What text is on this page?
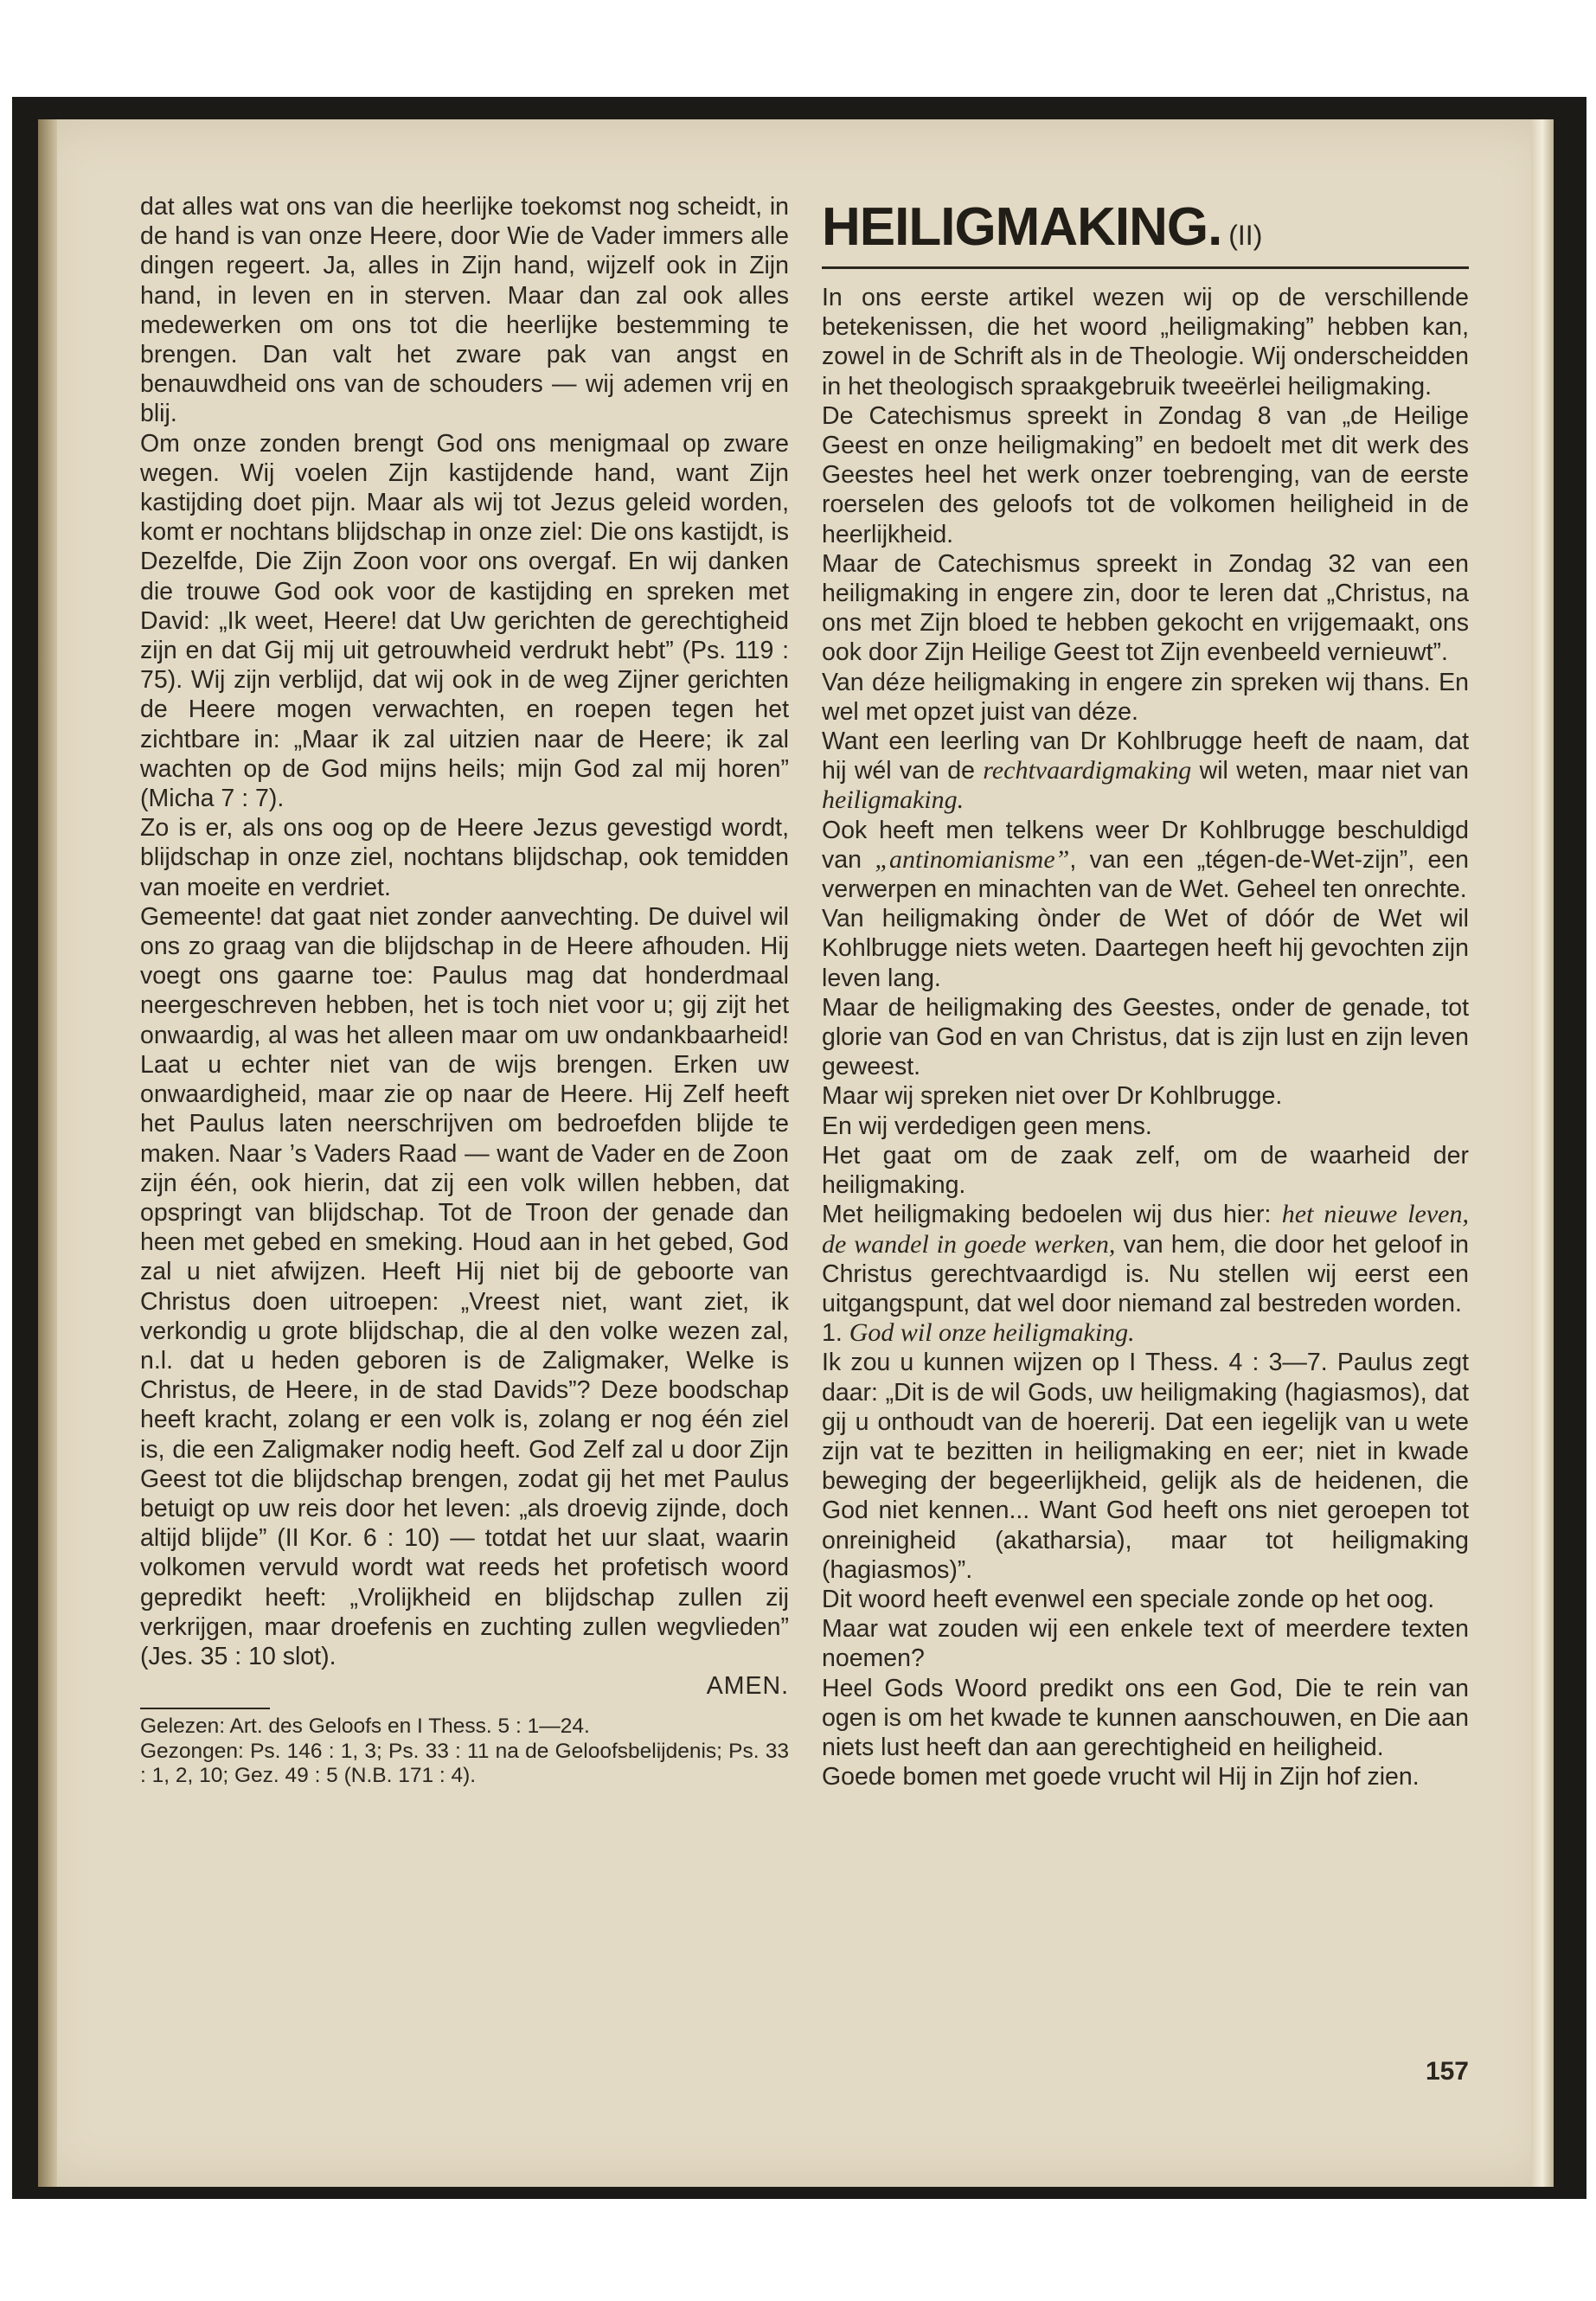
dat alles wat ons van die heerlijke toekomst nog scheidt, in de hand is van onze Heere, door Wie de Vader immers alle dingen regeert. Ja, alles in Zijn hand, wijzelf ook in Zijn hand, in leven en in sterven. Maar dan zal ook alles medewerken om ons tot die heerlijke bestemming te brengen. Dan valt het zware pak van angst en benauwdheid ons van de schouders — wij ademen vrij en blij.

Om onze zonden brengt God ons menigmaal op zware wegen. Wij voelen Zijn kastijdende hand, want Zijn kastijding doet pijn. Maar als wij tot Jezus geleid worden, komt er nochtans blijdschap in onze ziel: Die ons kastijdt, is Dezelfde, Die Zijn Zoon voor ons overgaf. En wij danken die trouwe God ook voor de kastijding en spreken met David: „Ik weet, Heere! dat Uw gerichten de gerechtigheid zijn en dat Gij mij uit getrouwheid verdrukt hebt” (Ps. 119 : 75). Wij zijn verblijd, dat wij ook in de weg Zijner gerichten de Heere mogen verwachten, en roepen tegen het zichtbare in: „Maar ik zal uitzien naar de Heere; ik zal wachten op de God mijns heils; mijn God zal mij horen” (Micha 7 : 7).

Zo is er, als ons oog op de Heere Jezus gevestigd wordt, blijdschap in onze ziel, nochtans blijdschap, ook temidden van moeite en verdriet.

Gemeente! dat gaat niet zonder aanvechting. De duivel wil ons zo graag van die blijdschap in de Heere afhouden. Hij voegt ons gaarne toe: Paulus mag dat honderdmaal neergeschreven hebben, het is toch niet voor u; gij zijt het onwaardig, al was het alleen maar om uw ondankbaarheid! Laat u echter niet van de wijs brengen. Erken uw onwaardigheid, maar zie op naar de Heere. Hij Zelf heeft het Paulus laten neerschrijven om bedroefden blijde te maken. Naar ’s Vaders Raad — want de Vader en de Zoon zijn één, ook hierin, dat zij een volk willen hebben, dat opspringt van blijdschap. Tot de Troon der genade dan heen met gebed en smeking. Houd aan in het gebed, God zal u niet afwijzen. Heeft Hij niet bij de geboorte van Christus doen uitroepen: „Vreest niet, want ziet, ik verkondig u grote blijdschap, die al den volke wezen zal, n.l. dat u heden geboren is de Zaligmaker, Welke is Christus, de Heere, in de stad Davids”? Deze boodschap heeft kracht, zolang er een volk is, zolang er nog één ziel is, die een Zaligmaker nodig heeft. God Zelf zal u door Zijn Geest tot die blijdschap brengen, zodat gij het met Paulus betuigt op uw reis door het leven: „als droevig zijnde, doch altijd blijde” (II Kor. 6 : 10) — totdat het uur slaat, waarin volkomen vervuld wordt wat reeds het profetisch woord gepredikt heeft: „Vrolijkheid en blijdschap zullen zij verkrijgen, maar droefenis en zuchting zullen wegvlieden” (Jes. 35 : 10 slot).

AMEN.

Gelezen: Art. des Geloofs en I Thess. 5 : 1—24.

Gezongen: Ps. 146 : 1, 3; Ps. 33 : 11 na de Geloofsbelijdenis; Ps. 33 : 1, 2, 10; Gez. 49 : 5 (N.B. 171 : 4).

HEILIGMAKING. (II)

In ons eerste artikel wezen wij op de verschillende betekenissen, die het woord „heiligmaking” hebben kan, zowel in de Schrift als in de Theologie. Wij onderscheidden in het theologisch spraakgebruik tweeërlei heiligmaking.

De Catechismus spreekt in Zondag 8 van „de Heilige Geest en onze heiligmaking” en bedoelt met dit werk des Geestes heel het werk onzer toebrenging, van de eerste roerselen des geloofs tot de volkomen heiligheid in de heerlijkheid.

Maar de Catechismus spreekt in Zondag 32 van een heiligmaking in engere zin, door te leren dat „Christus, na ons met Zijn bloed te hebben gekocht en vrijgemaakt, ons ook door Zijn Heilige Geest tot Zijn evenbeeld vernieuwt”.

Van déze heiligmaking in engere zin spreken wij thans. En wel met opzet juist van déze.

Want een leerling van Dr Kohlbrugge heeft de naam, dat hij wél van de rechtvaardigmaking wil weten, maar niet van heiligmaking.

Ook heeft men telkens weer Dr Kohlbrugge beschuldigd van „antinomianisme”, van een „tégen-de-Wet-zijn”, een verwerpen en minachten van de Wet. Geheel ten onrechte.

Van heiligmaking ònder de Wet of dóór de Wet wil Kohlbrugge niets weten. Daartegen heeft hij gevochten zijn leven lang.

Maar de heiligmaking des Geestes, onder de genade, tot glorie van God en van Christus, dat is zijn lust en zijn leven geweest.

Maar wij spreken niet over Dr Kohlbrugge.

En wij verdedigen geen mens.

Het gaat om de zaak zelf, om de waarheid der heiligmaking.

Met heiligmaking bedoelen wij dus hier: het nieuwe leven, de wandel in goede werken, van hem, die door het geloof in Christus gerechtvaardigd is. Nu stellen wij eerst een uitgangspunt, dat wel door niemand zal bestreden worden.

1. God wil onze heiligmaking.

Ik zou u kunnen wijzen op I Thess. 4 : 3—7. Paulus zegt daar: „Dit is de wil Gods, uw heiligmaking (hagiasmos), dat gij u onthoudt van de hoererij. Dat een iegelijk van u wete zijn vat te bezitten in heiligmaking en eer; niet in kwade beweging der begeerlijkheid, gelijk als de heidenen, die God niet kennen... Want God heeft ons niet geroepen tot onreinigheid (akatharsia), maar tot heiligmaking (hagiasmos)”.

Dit woord heeft evenwel een speciale zonde op het oog.

Maar wat zouden wij een enkele text of meerdere texten noemen?

Heel Gods Woord predikt ons een God, Die te rein van ogen is om het kwade te kunnen aanschouwen, en Die aan niets lust heeft dan aan gerechtigheid en heiligheid.

Goede bomen met goede vrucht wil Hij in Zijn hof zien.

157
